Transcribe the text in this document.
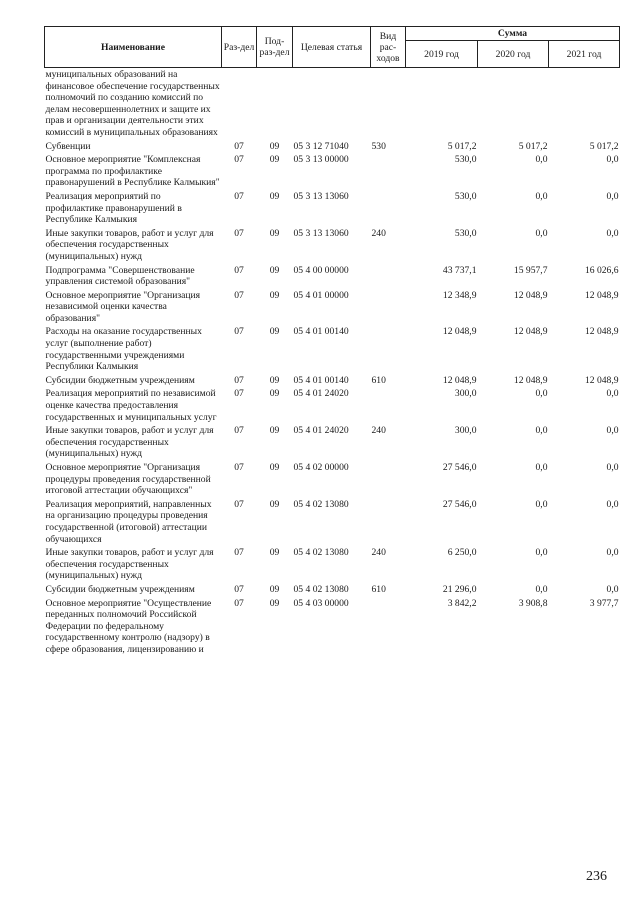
Наименование	Раз-дел	Под-раз-дел	Целевая статья	Вид рас-ходов	Сумма		
					2019 год	2020 год	2021 год
муниципальных образований на финансовое обеспечение государственных полномочий по созданию комиссий по делам несовершеннолетних и защите их прав и организации деятельности этих комиссий в муниципальных образованиях							
Субвенции	07	09	05 3 12 71040	530	5 017,2	5 017,2	5 017,2
Основное мероприятие "Комплексная программа по профилактике правонарушений в Республике Калмыкия"	07	09	05 3 13 00000		530,0	0,0	0,0
Реализация мероприятий по профилактике правонарушений в Республике Калмыкия	07	09	05 3 13 13060		530,0	0,0	0,0
Иные закупки товаров, работ и услуг для обеспечения государственных (муниципальных) нужд	07	09	05 3 13 13060	240	530,0	0,0	0,0
Подпрограмма "Совершенствование управления системой образования"	07	09	05 4 00 00000		43 737,1	15 957,7	16 026,6
Основное мероприятие "Организация независимой оценки качества образования"	07	09	05 4 01 00000		12 348,9	12 048,9	12 048,9
Расходы на оказание государственных услуг (выполнение работ) государственными учреждениями Республики Калмыкия	07	09	05 4 01 00140		12 048,9	12 048,9	12 048,9
Субсидии бюджетным учреждениям	07	09	05 4 01 00140	610	12 048,9	12 048,9	12 048,9
Реализация мероприятий по независимой оценке качества предоставления государственных и муниципальных услуг	07	09	05 4 01 24020		300,0	0,0	0,0
Иные закупки товаров, работ и услуг для обеспечения государственных (муниципальных) нужд	07	09	05 4 01 24020	240	300,0	0,0	0,0
Основное мероприятие "Организация процедуры проведения государственной итоговой аттестации обучающихся"	07	09	05 4 02 00000		27 546,0	0,0	0,0
Реализация мероприятий, направленных на организацию процедуры проведения государственной (итоговой) аттестации обучающихся	07	09	05 4 02 13080		27 546,0	0,0	0,0
Иные закупки товаров, работ и услуг для обеспечения государственных (муниципальных) нужд	07	09	05 4 02 13080	240	6 250,0	0,0	0,0
Субсидии бюджетным учреждениям	07	09	05 4 02 13080	610	21 296,0	0,0	0,0
Основное мероприятие "Осуществление переданных полномочий Российской Федерации по федеральному государственному контролю (надзору) в сфере образования, лицензированию и	07	09	05 4 03 00000		3 842,2	3 908,8	3 977,7
236
